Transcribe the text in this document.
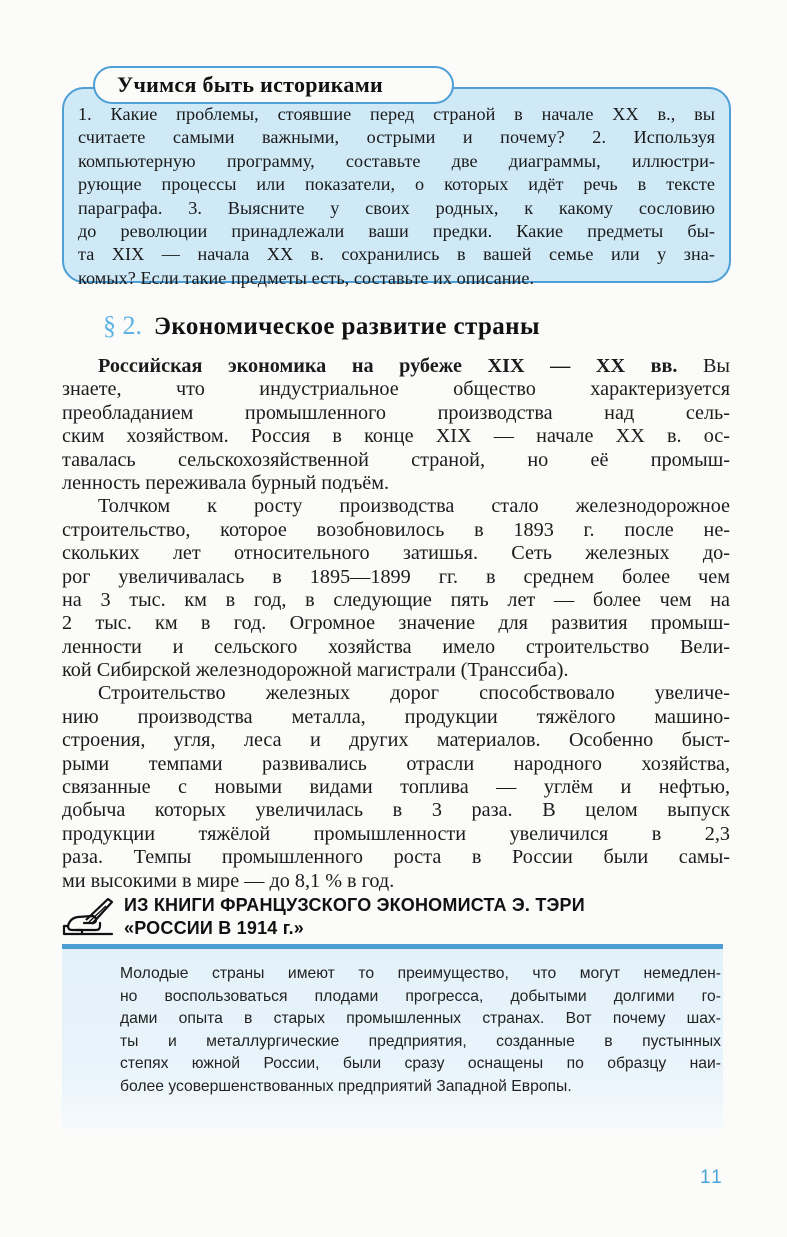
Учимся быть историками

1. Какие проблемы, стоявшие перед страной в начале XX в., вы
считаете самыми важными, острыми и почему? 2. Используя
компьютерную программу, составьте две диаграммы, иллюстри-
рующие процессы или показатели, о которых идёт речь в тексте
параграфа. 3. Выясните у своих родных, к какому сословию
до революции принадлежали ваши предки. Какие предметы бы-
та XIX — начала XX в. сохранились в вашей семье или у зна-
комых? Если такие предметы есть, составьте их описание.

§ 2. Экономическое развитие страны
Российская экономика на рубеже XIX — XX вв. Вы
знаете, что индустриальное общество характеризуется
преобладанием промышленного производства над сель-
ским хозяйством. Россия в конце XIX — начале XX в. ос-
тавалась сельскохозяйственной страной, но её промыш-
ленность переживала бурный подъём.
Толчком к росту производства стало железнодорожное
строительство, которое возобновилось в 1893 г. после не-
скольких лет относительного затишья. Сеть железных до-
рог увеличивалась в 1895—1899 гг. в среднем более чем
на 3 тыс. км в год, в следующие пять лет — более чем на
2 тыс. км в год. Огромное значение для развития промыш-
ленности и сельского хозяйства имело строительство Вели-
кой Сибирской железнодорожной магистрали (Транссиба).
Строительство железных дорог способствовало увеличе-
нию производства металла, продукции тяжёлого машино-
строения, угля, леса и других материалов. Особенно быст-
рыми темпами развивались отрасли народного хозяйства,
связанные с новыми видами топлива — углём и нефтью,
добыча которых увеличилась в 3 раза. В целом выпуск
продукции тяжёлой промышленности увеличился в 2,3
раза. Темпы промышленного роста в России были самы-
ми высокими в мире — до 8,1 % в год.
ИЗ КНИГИ ФРАНЦУЗСКОГО ЭКОНОМИСТА Э. ТЭРИ
«РОССИИ В 1914 г.»
Молодые страны имеют то преимущество, что могут немедлен-
но воспользоваться плодами прогресса, добытыми долгими го-
дами опыта в старых промышленных странах. Вот почему шах-
ты и металлургические предприятия, созданные в пустынных
степях южной России, были сразу оснащены по образцу наи-
более усовершенствованных предприятий Западной Европы.
11
